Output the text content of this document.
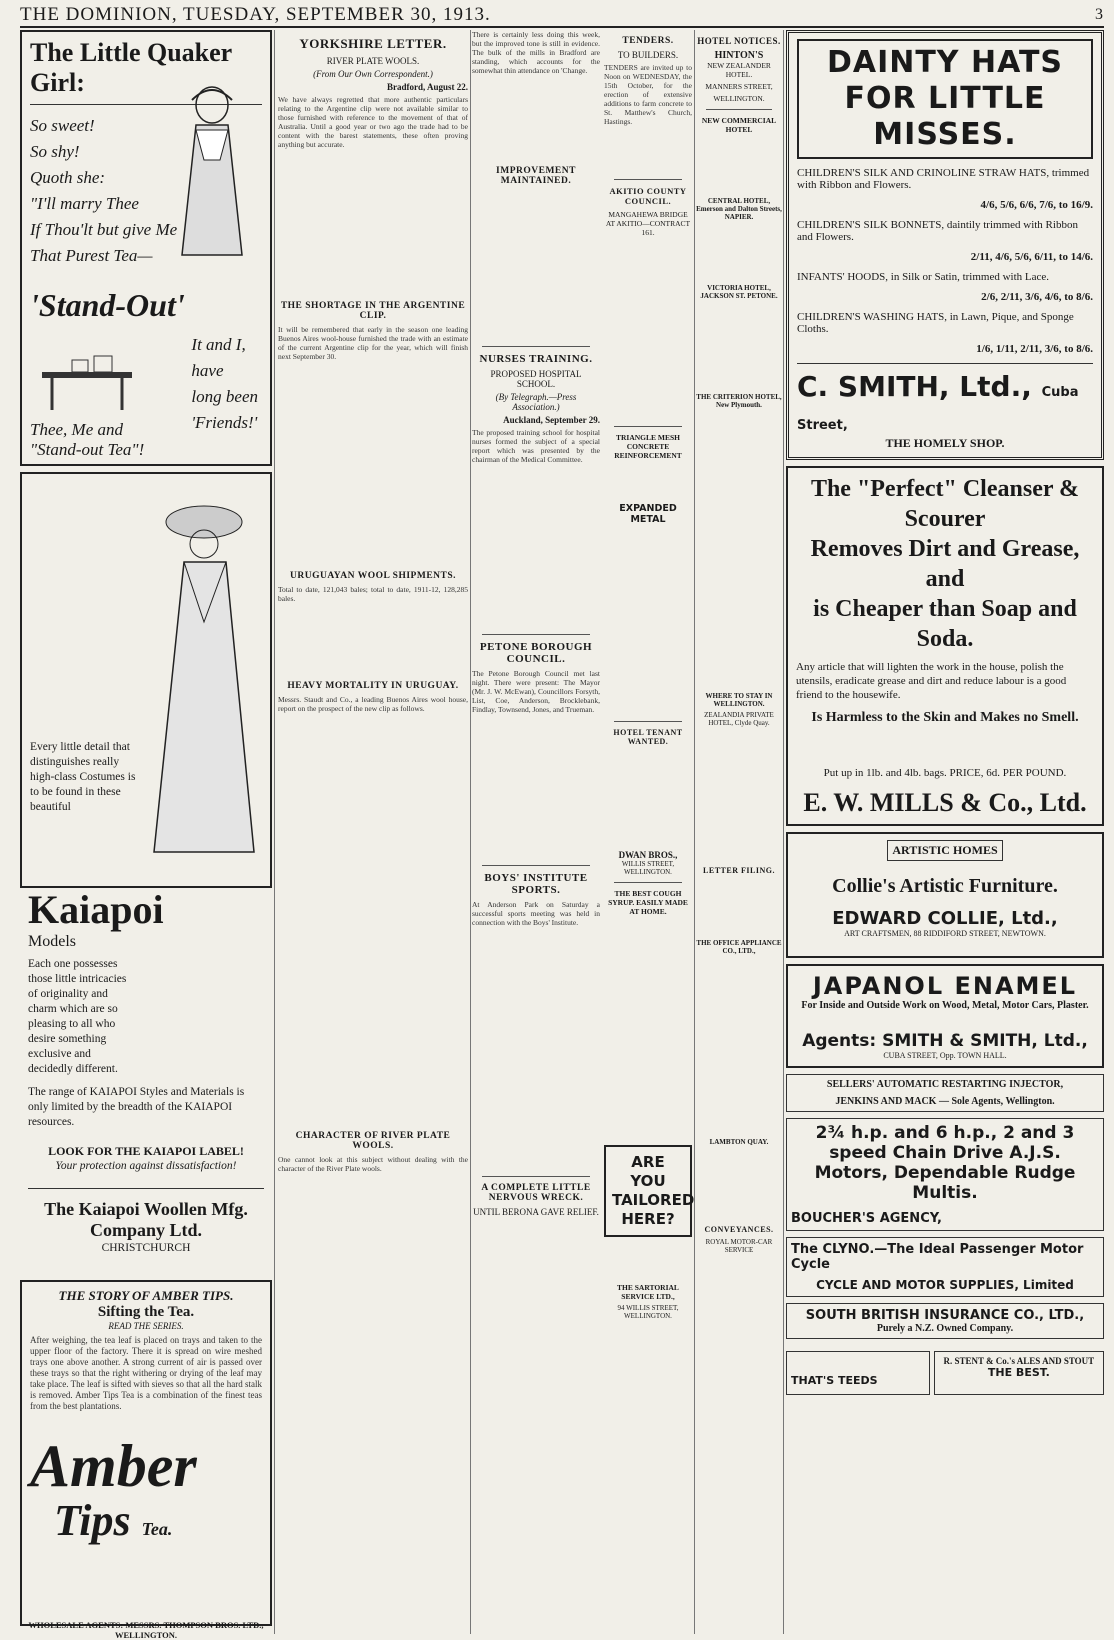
THE DOMINION, TUESDAY, SEPTEMBER 30, 1913.	3
The Little Quaker Girl:
So sweet!
So shy!
Quoth she:
"I'll marry Thee
If Thou'lt but give Me
That Purest Tea—
'Stand-Out'
It and I,
have
long been
'Friends!'
Thee, Me and
"Stand-out Tea"!
Every little detail that distinguishes really high-class Costumes is to be found in these beautiful
Kaiapoi
Models
Each one possesses those little intricacies of originality and charm which are so pleasing to all who desire something exclusive and decidedly different.
The range of KAIAPOI Styles and Materials is only limited by the breadth of the KAIAPOI resources.
LOOK FOR THE KAIAPOI LABEL!
Your protection against dissatisfaction!
The Kaiapoi Woollen Mfg. Company Ltd.
CHRISTCHURCH
THE STORY OF AMBER TIPS.
Sifting the Tea.
READ THE SERIES.
After weighing, the tea leaf is placed on trays and taken to the upper floor of the factory. There it is spread on wire meshed trays one above another. A strong current of air is passed over these trays so that the right withering or drying of the leaf may take place. The leaf is sifted with sieves so that all the hard stalk is removed. Amber Tips Tea is a combination of the finest teas from the best plantations.
Amber
Tips Tea.
WHOLESALE AGENTS: MESSRS. THOMPSON BROS. LTD., WELLINGTON.
YORKSHIRE LETTER.
RIVER PLATE WOOLS.
(From Our Own Correspondent.)
Bradford, August 22.
We have always regretted that more authentic particulars relating to the Argentine clip were not available similar to those furnished with reference to the movement of that of Australia. Until a good year or two ago the trade had to be content with the barest statements, these often proving anything but accurate.
THE SHORTAGE IN THE ARGENTINE CLIP.
It will be remembered that early in the season one leading Buenos Aires wool-house furnished the trade with an estimate of the current Argentine clip for the year, which will finish next September 30.
URUGUAYAN WOOL SHIPMENTS.
Total to date, 121,043 bales; total to date, 1911-12, 128,285 bales.
HEAVY MORTALITY IN URUGUAY.
Messrs. Staudt and Co., a leading Buenos Aires wool house, report on the prospect of the new clip as follows.
CHARACTER OF RIVER PLATE WOOLS.
One cannot look at this subject without dealing with the character of the River Plate wools.
There is certainly less doing this week, but the improved tone is still in evidence. The bulk of the mills in Bradford are standing, which accounts for the somewhat thin attendance on 'Change.
IMPROVEMENT MAINTAINED.
NURSES TRAINING.
PROPOSED HOSPITAL SCHOOL.
(By Telegraph.—Press Association.)
Auckland, September 29.
The proposed training school for hospital nurses formed the subject of a special report which was presented by the chairman of the Medical Committee.
PETONE BOROUGH COUNCIL.
The Petone Borough Council met last night. There were present: The Mayor (Mr. J. W. McEwan), Councillors Forsyth, List, Coe, Anderson, Brocklebank, Findlay, Townsend, Jones, and Trueman.
BOYS' INSTITUTE SPORTS.
At Anderson Park on Saturday a successful sports meeting was held in connection with the Boys' Institute.
A COMPLETE LITTLE NERVOUS WRECK.
UNTIL BERONA GAVE RELIEF.
TENDERS.
TO BUILDERS.
TENDERS are invited up to Noon on WEDNESDAY, the 15th October, for the erection of extensive additions to farm concrete to St. Matthew's Church, Hastings.
AKITIO COUNTY COUNCIL.
MANGAHEWA BRIDGE AT AKITIO—CONTRACT 161.
TRIANGLE MESH CONCRETE REINFORCEMENT
EXPANDED METAL
HOTEL TENANT WANTED.
DWAN BROS.,
WILLIS STREET, WELLINGTON.
THE BEST COUGH SYRUP. EASILY MADE AT HOME.
ARE YOU TAILORED HERE?
THE SARTORIAL SERVICE LTD.,
94 WILLIS STREET, WELLINGTON.
HOTEL NOTICES.
HINTON'S
NEW ZEALANDER HOTEL.
MANNERS STREET,
WELLINGTON.
NEW COMMERCIAL HOTEL
CENTRAL HOTEL, Emerson and Dalton Streets, NAPIER.
VICTORIA HOTEL, JACKSON ST. PETONE.
THE CRITERION HOTEL, New Plymouth.
WHERE TO STAY IN WELLINGTON.
ZEALANDIA PRIVATE HOTEL, Clyde Quay.
LETTER FILING.
THE OFFICE APPLIANCE CO., LTD.,
LAMBTON QUAY.
CONVEYANCES.
ROYAL MOTOR-CAR SERVICE
DAINTY HATS FOR LITTLE MISSES.
CHILDREN'S SILK AND CRINOLINE STRAW HATS, trimmed with Ribbon and Flowers.
4/6, 5/6, 6/6, 7/6, to 16/9.
CHILDREN'S SILK BONNETS, daintily trimmed with Ribbon and Flowers.
2/11, 4/6, 5/6, 6/11, to 14/6.
INFANTS' HOODS, in Silk or Satin, trimmed with Lace.
2/6, 2/11, 3/6, 4/6, to 8/6.
CHILDREN'S WASHING HATS, in Lawn, Pique, and Sponge Cloths.
1/6, 1/11, 2/11, 3/6, to 8/6.
C. SMITH, Ltd., Cuba Street,
THE HOMELY SHOP.
The "Perfect" Cleanser & Scourer
Removes Dirt and Grease, and
is Cheaper than Soap and Soda.
Any article that will lighten the work in the house, polish the utensils, eradicate grease and dirt and reduce labour is a good friend to the housewife.
Is Harmless to the Skin and Makes no Smell.
Put up in 1lb. and 4lb. bags. PRICE, 6d. PER POUND.
E. W. MILLS & Co., Ltd.
ARTISTIC HOMES
Collie's Artistic Furniture.
EDWARD COLLIE, Ltd.,
ART CRAFTSMEN, 88 RIDDIFORD STREET, NEWTOWN.
JAPANOL ENAMEL
For Inside and Outside Work on Wood, Metal, Motor Cars, Plaster.
Agents: SMITH & SMITH, Ltd.,
CUBA STREET, Opp. TOWN HALL.
SELLERS' AUTOMATIC RESTARTING INJECTOR,
JENKINS AND MACK — Sole Agents, Wellington.
2¾ h.p. and 6 h.p., 2 and 3 speed Chain Drive A.J.S. Motors, Dependable Rudge Multis.
BOUCHER'S AGENCY,
The CLYNO.—The Ideal Passenger Motor Cycle
CYCLE AND MOTOR SUPPLIES, Limited
SOUTH BRITISH INSURANCE CO., LTD.,
Purely a N.Z. Owned Company.
THAT'S TEEDS
R. STENT & Co.'s ALES AND STOUT
THE BEST.
